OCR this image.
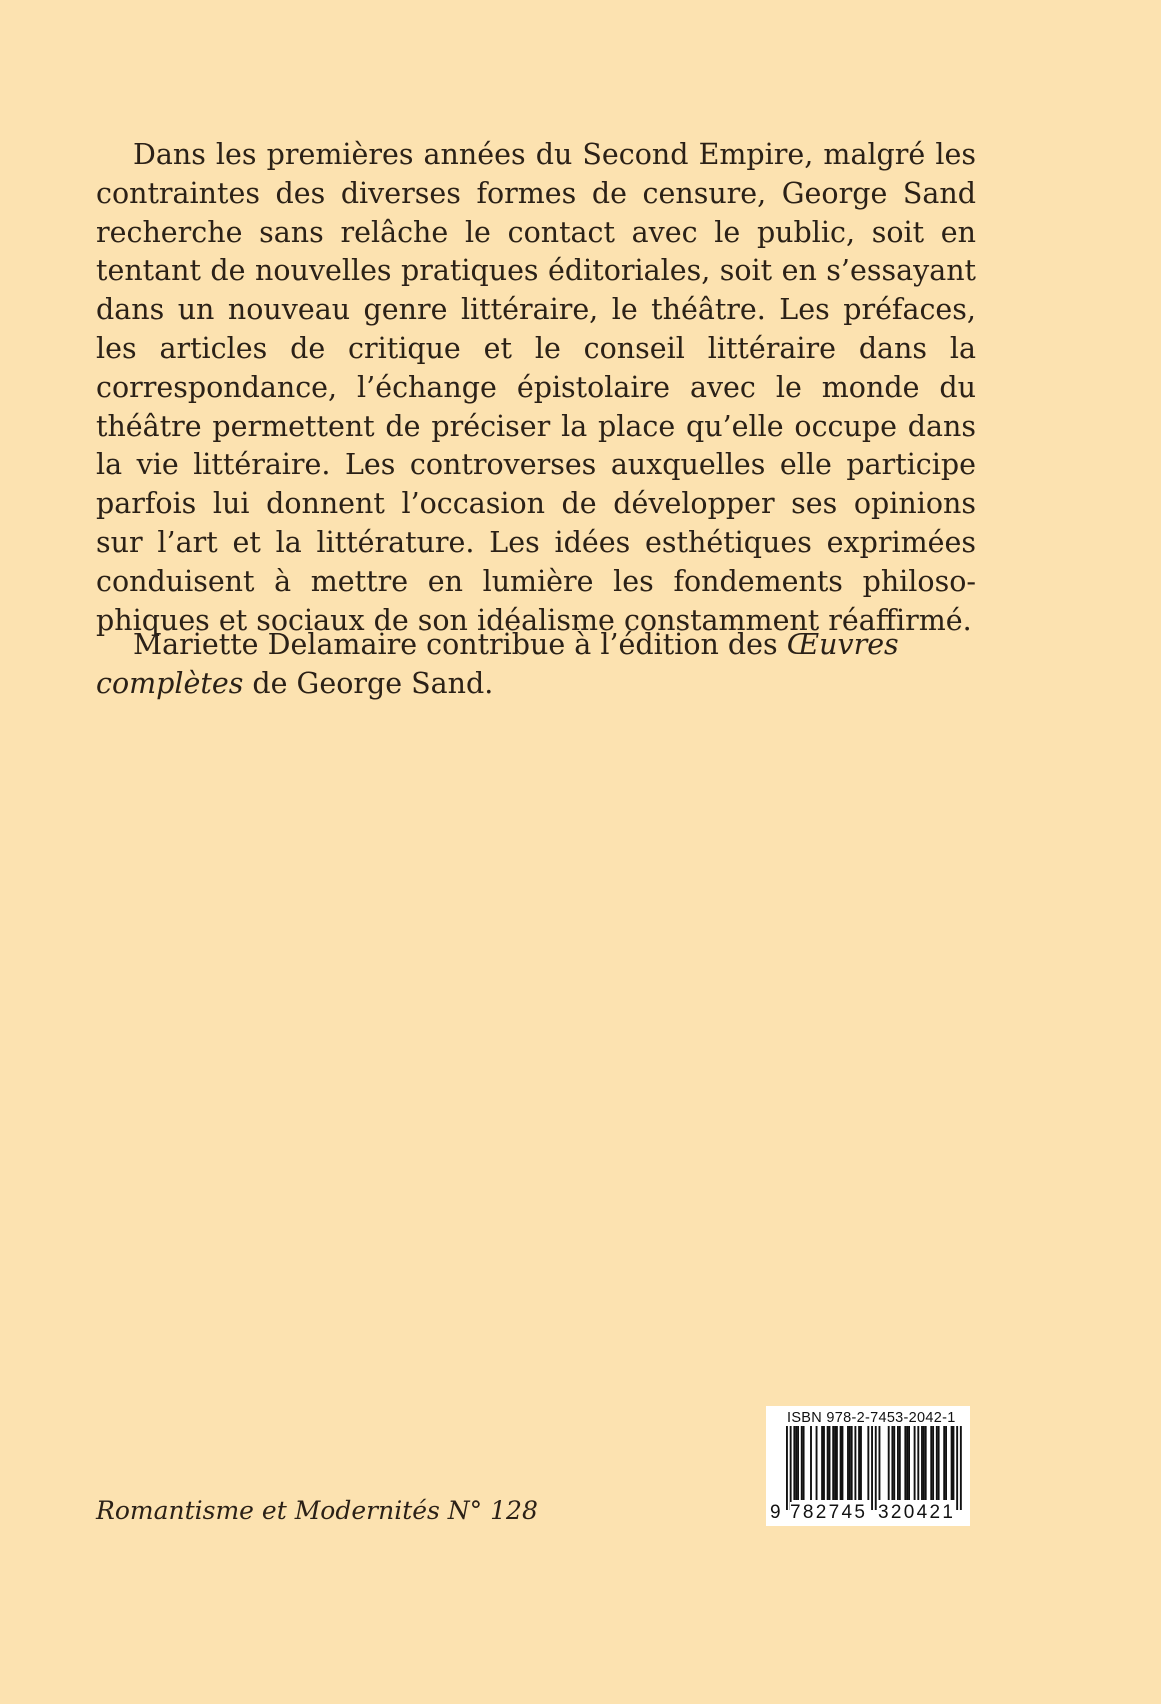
Dans les premières années du Second Empire, malgré les contraintes des diverses formes de censure, George Sand recherche sans relâche le contact avec le public, soit en tentant de nouvelles pratiques éditoriales, soit en s’essayant dans un nouveau genre littéraire, le théâtre. Les préfaces, les articles de critique et le conseil littéraire dans la correspondance, l’échange épistolaire avec le monde du théâtre permettent de préciser la place qu’elle occupe dans la vie littéraire. Les controverses auxquelles elle participe parfois lui donnent l’occasion de développer ses opinions sur l’art et la littérature. Les idées esthétiques exprimées conduisent à mettre en lumière les fondements philosophiques et sociaux de son idéalisme constamment réaffirmé.

Mariette Delamaire contribue à l’édition des Œuvres complètes de George Sand.

Romantisme et Modernités N° 128
ISBN 978-2-7453-2042-1
9 782745 320421
